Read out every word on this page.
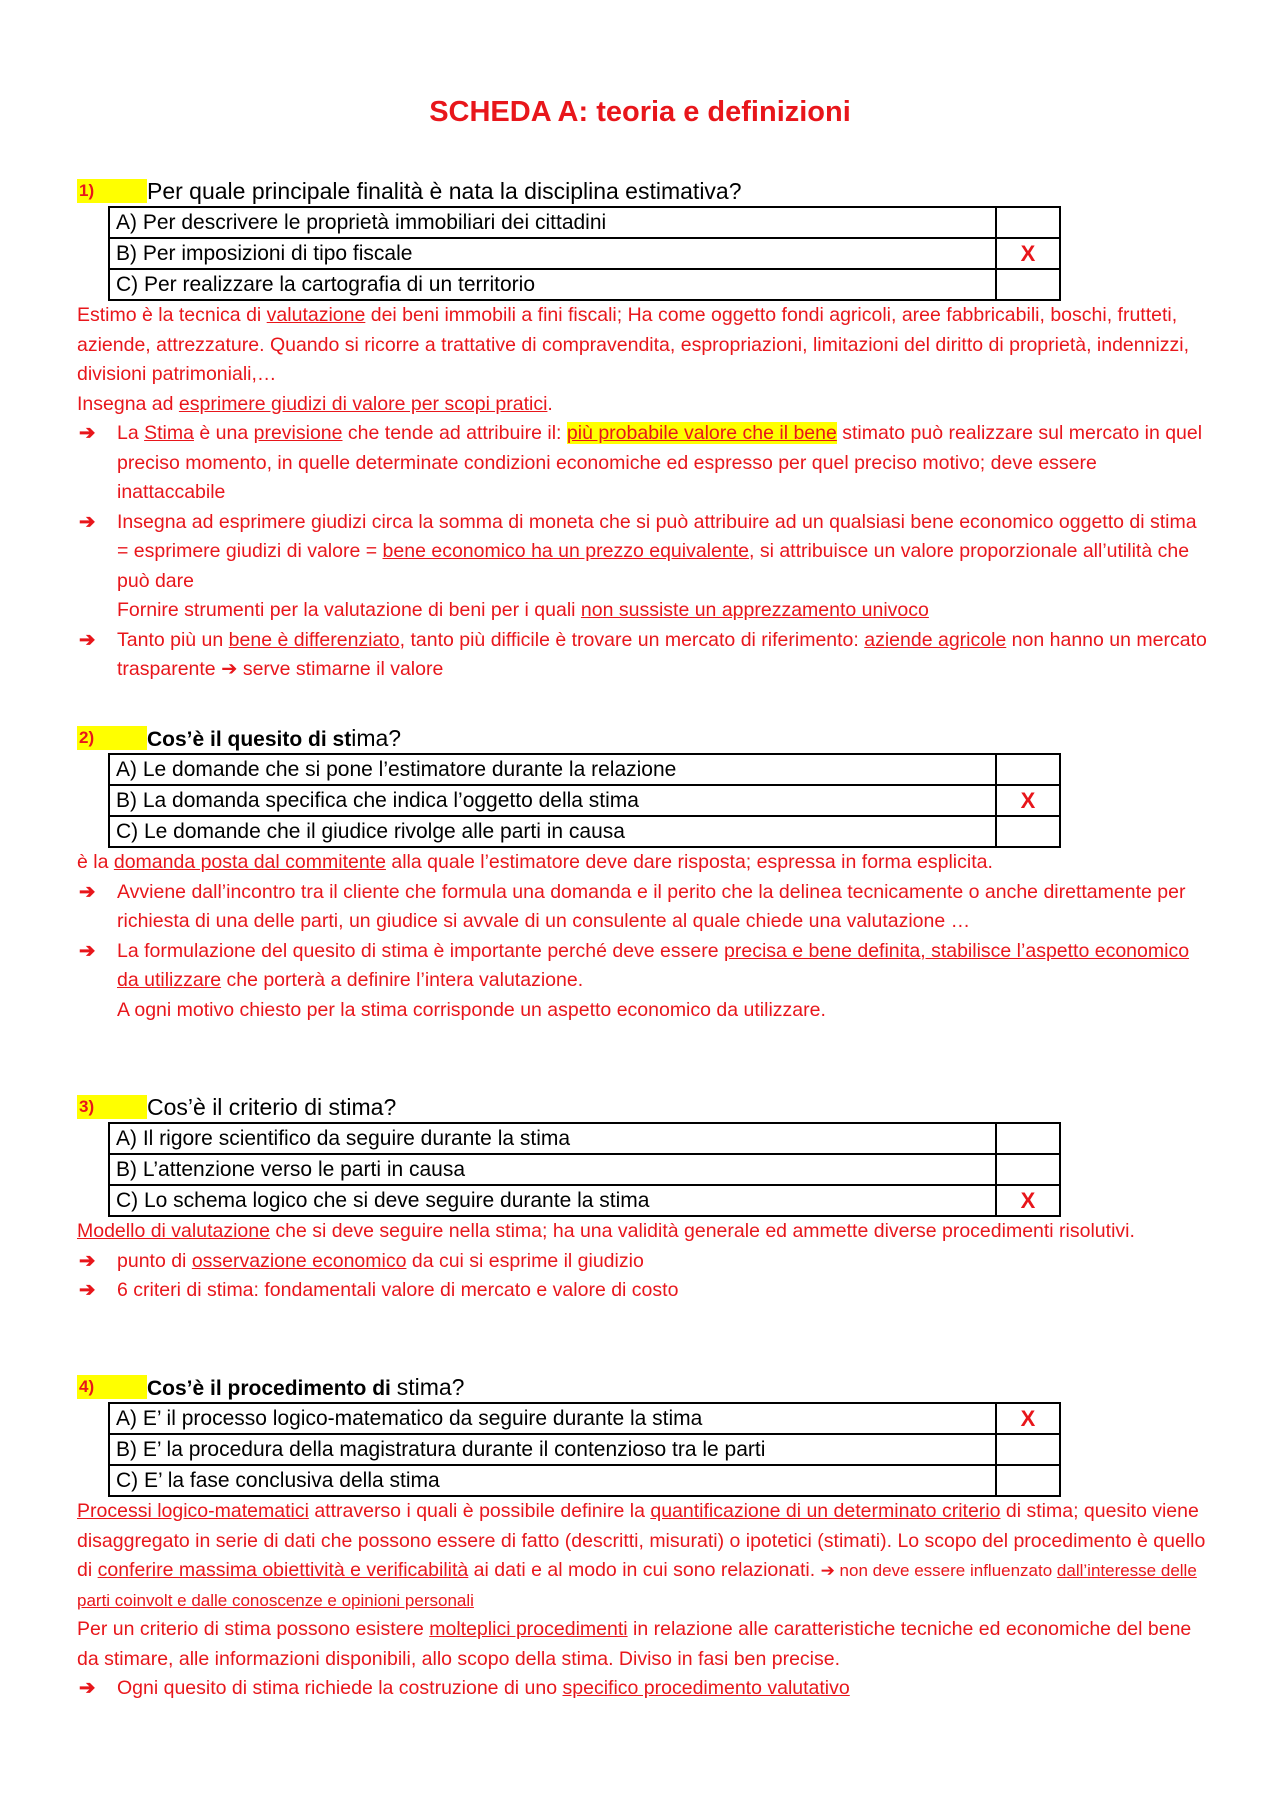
SCHEDA A: teoria e definizioni
1)	Per quale principale finalità è nata la disciplina estimativa?
A) Per descrivere le proprietà immobiliari dei cittadini	
B) Per imposizioni di tipo fiscale	X
C) Per realizzare la cartografia di un territorio	

Estimo è la tecnica di valutazione dei beni immobili a fini fiscali; Ha come oggetto fondi agricoli, aree fabbricabili, boschi, frutteti, aziende, attrezzature. Quando si ricorre a trattative di compravendita, espropriazioni, limitazioni del diritto di proprietà, indennizzi, divisioni patrimoniali,…

Insegna ad esprimere giudizi di valore per scopi pratici.

➔ La Stima è una previsione che tende ad attribuire il: più probabile valore che il bene stimato può realizzare sul mercato in quel preciso momento, in quelle determinate condizioni economiche ed espresso per quel preciso motivo; deve essere inattaccabile

➔ Insegna ad esprimere giudizi circa la somma di moneta che si può attribuire ad un qualsiasi bene economico oggetto di stima = esprimere giudizi di valore = bene economico ha un prezzo equivalente, si attribuisce un valore proporzionale all’utilità che può dare

Fornire strumenti per la valutazione di beni per i quali non sussiste un apprezzamento univoco

➔ Tanto più un bene è differenziato, tanto più difficile è trovare un mercato di riferimento: aziende agricole non hanno un mercato trasparente ➔ serve stimarne il valore

2)	Cos’è il quesito di stima?
A) Le domande che si pone l’estimatore durante la relazione	
B) La domanda specifica che indica l’oggetto della stima	X
C) Le domande che il giudice rivolge alle parti in causa	

è la domanda posta dal commitente alla quale l’estimatore deve dare risposta; espressa in forma esplicita.

➔ Avviene dall’incontro tra il cliente che formula una domanda e il perito che la delinea tecnicamente o anche direttamente per richiesta di una delle parti, un giudice si avvale di un consulente al quale chiede una valutazione …

➔ La formulazione del quesito di stima è importante perché deve essere precisa e bene definita, stabilisce l’aspetto economico da utilizzare che porterà a definire l’intera valutazione.

A ogni motivo chiesto per la stima corrisponde un aspetto economico da utilizzare.

3)	Cos’è il criterio di stima?
A) Il rigore scientifico da seguire durante la stima	
B) L’attenzione verso le parti in causa	
C) Lo schema logico che si deve seguire durante la stima	X

Modello di valutazione che si deve seguire nella stima; ha una validità generale ed ammette diverse procedimenti risolutivi.

➔ punto di osservazione economico da cui si esprime il giudizio

➔ 6 criteri di stima: fondamentali valore di mercato e valore di costo

4)	Cos’è il procedimento di stima?
A) E’ il processo logico-matematico da seguire durante la stima	X
B) E’ la procedura della magistratura durante il contenzioso tra le parti	
C) E’ la fase conclusiva della stima	

Processi logico-matematici attraverso i quali è possibile definire la quantificazione di un determinato criterio di stima; quesito viene disaggregato in serie di dati che possono essere di fatto (descritti, misurati) o ipotetici (stimati). Lo scopo del procedimento è quello di conferire massima obiettività e verificabilità ai dati e al modo in cui sono relazionati. ➔ non deve essere influenzato dall’interesse delle parti coinvolt e dalle conoscenze e opinioni personali

Per un criterio di stima possono esistere molteplici procedimenti in relazione alle caratteristiche tecniche ed economiche del bene da stimare, alle informazioni disponibili, allo scopo della stima. Diviso in fasi ben precise.

➔ Ogni quesito di stima richiede la costruzione di uno specifico procedimento valutativo
